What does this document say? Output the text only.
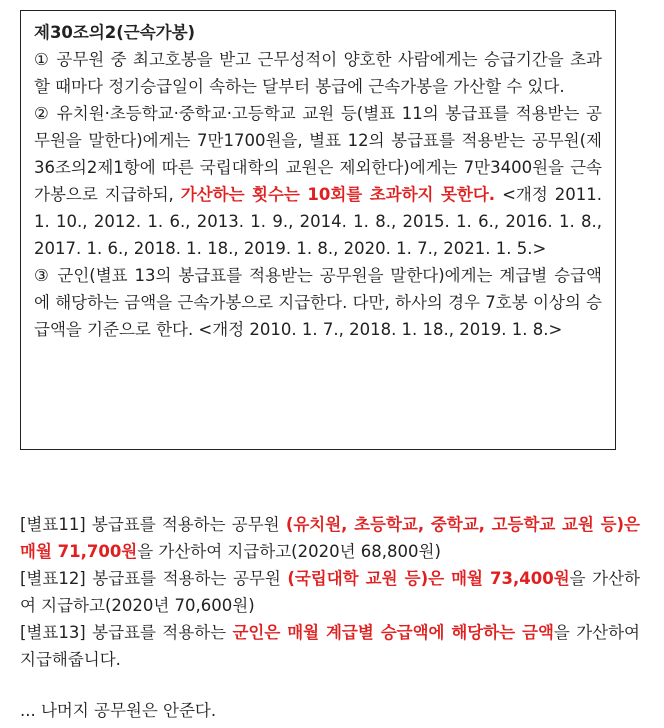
제30조의2(근속가봉)

① 공무원 중 최고호봉을 받고 근무성적이 양호한 사람에게는 승급기간을 초과할 때마다 정기승급일이 속하는 달부터 봉급에 근속가봉을 가산할 수 있다.

② 유치원·초등학교·중학교·고등학교 교원 등(별표 11의 봉급표를 적용받는 공무원을 말한다)에게는 7만1700원을, 별표 12의 봉급표를 적용받는 공무원(제36조의2제1항에 따른 국립대학의 교원은 제외한다)에게는 7만3400원을 근속가봉으로 지급하되, 가산하는 횟수는 10회를 초과하지 못한다. <개정 2011. 1. 10., 2012. 1. 6., 2013. 1. 9., 2014. 1. 8., 2015. 1. 6., 2016. 1. 8., 2017. 1. 6., 2018. 1. 18., 2019. 1. 8., 2020. 1. 7., 2021. 1. 5.>

③ 군인(별표 13의 봉급표를 적용받는 공무원을 말한다)에게는 계급별 승급액에 해당하는 금액을 근속가봉으로 지급한다. 다만, 하사의 경우 7호봉 이상의 승급액을 기준으로 한다. <개정 2010. 1. 7., 2018. 1. 18., 2019. 1. 8.>

[별표11] 봉급표를 적용하는 공무원 (유치원, 초등학교, 중학교, 고등학교 교원 등)은 매월 71,700원을 가산하여 지급하고(2020년 68,800원)

[별표12] 봉급표를 적용하는 공무원 (국립대학 교원 등)은 매월 73,400원을 가산하여 지급하고(2020년 70,600원)

[별표13] 봉급표를 적용하는 군인은 매월 계급별 승급액에 해당하는 금액을 가산하여 지급해줍니다.

... 나머지 공무원은 안준다.
